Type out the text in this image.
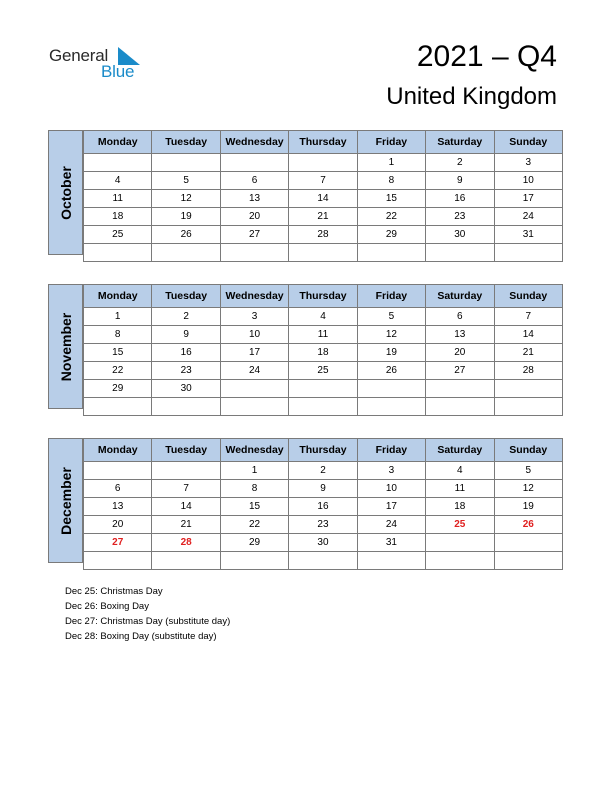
General
Blue	2021 – Q4
United Kingdom
October
Monday	Tuesday	Wednesday	Thursday	Friday	Saturday	Sunday
				1	2	3
4	5	6	7	8	9	10
11	12	13	14	15	16	17
18	19	20	21	22	23	24
25	26	27	28	29	30	31

November
Monday	Tuesday	Wednesday	Thursday	Friday	Saturday	Sunday
1	2	3	4	5	6	7
8	9	10	11	12	13	14
15	16	17	18	19	20	21
22	23	24	25	26	27	28
29	30					

December
Monday	Tuesday	Wednesday	Thursday	Friday	Saturday	Sunday
		1	2	3	4	5
6	7	8	9	10	11	12
13	14	15	16	17	18	19
20	21	22	23	24	25	26
27	28	29	30	31		

Dec 25: Christmas Day
Dec 26: Boxing Day
Dec 27: Christmas Day (substitute day)
Dec 28: Boxing Day (substitute day)
